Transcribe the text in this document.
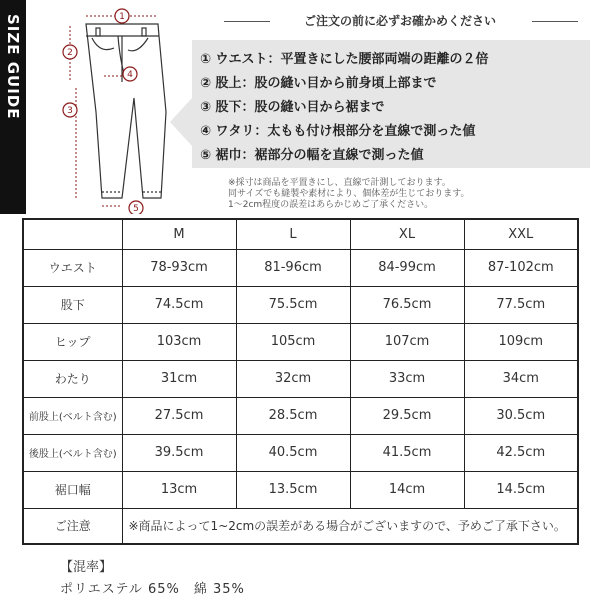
SIZE GUIDE	1
2
3
4
5
ご注文の前に必ずお確かめください
① ウエスト：平置きにした腰部両端の距離の２倍
② 股上：股の縫い目から前身頃上部まで
③ 股下：股の縫い目から裾まで
④ ワタリ：太もも付け根部分を直線で測った値
⑤ 裾巾：裾部分の幅を直線で測った値
※採寸は商品を平置きにし、直線で計測しております。
同サイズでも縫製や素材により、個体差が生じております。
1〜2cm程度の誤差はあらかじめご了承ください。
	M	L	XL	XXL
ウエスト	78-93cm	81-96cm	84-99cm	87-102cm
股下	74.5cm	75.5cm	76.5cm	77.5cm
ヒップ	103cm	105cm	107cm	109cm
わたり	31cm	32cm	33cm	34cm
前股上(ベルト含む)	27.5cm	28.5cm	29.5cm	30.5cm
後股上(ベルト含む)	39.5cm	40.5cm	41.5cm	42.5cm
裾口幅	13cm	13.5cm	14cm	14.5cm
ご注意	※商品によって1~2cmの誤差がある場合がございますので、予めご了承下さい。			
【混率】
ポリエステル 65%　綿 35%
